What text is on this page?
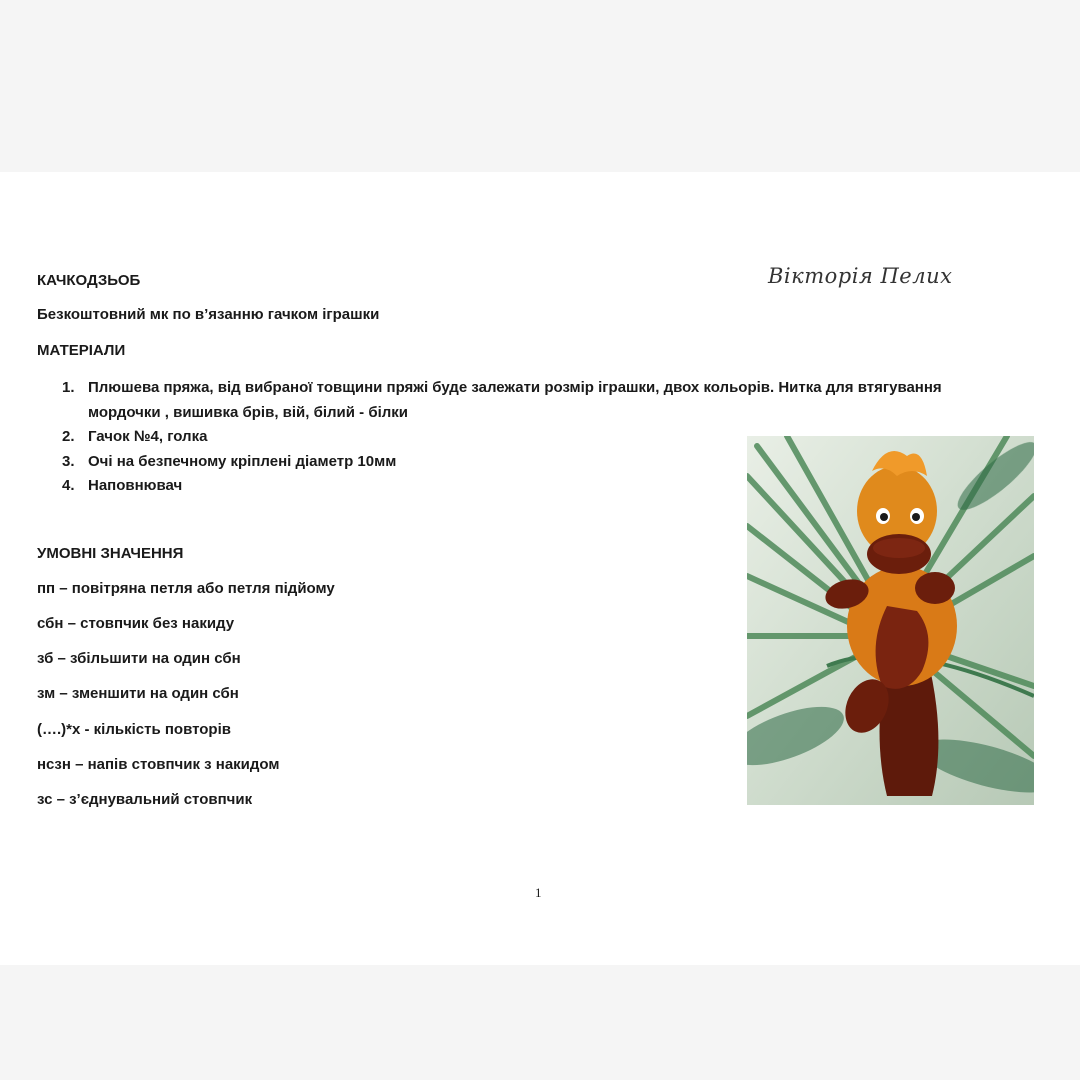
КАЧКОДЗЬОБ	Вікторія Пелих
Безкоштовний мк по в’язанню гачком іграшки
МАТЕРІАЛИ
1. Плюшева пряжа, від вибраної товщини пряжі буде залежати розмір іграшки, двох кольорів. Нитка для втягування
мордочки , вишивка брів, вій, білий - білки
2. Гачок №4, голка
3. Очі на безпечному кріплені діаметр 10мм
4. Наповнювач
УМОВНІ ЗНАЧЕННЯ
пп – повітряна петля або петля підйому
сбн – стовпчик без накиду
зб – збільшити на один сбн
зм – зменшити на один сбн
(….)*х - кількість повторів
нсзн – напів стовпчик з накидом
зс – з’єднувальний стовпчик
1
